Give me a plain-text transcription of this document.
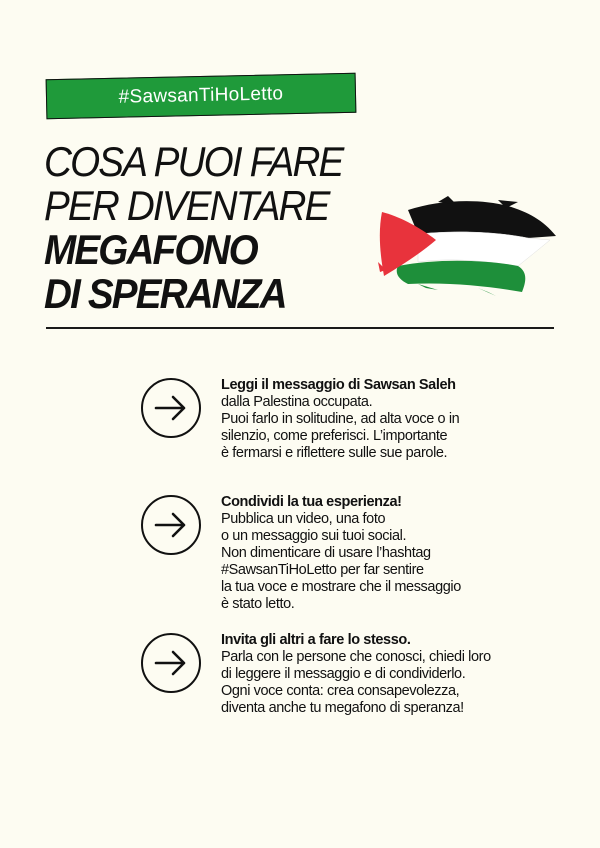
#SawsanTiHoLetto
COSA PUOI FARE
PER DIVENTARE
MEGAFONO
DI SPERANZA
Leggi il messaggio di Sawsan Saleh
dalla Palestina occupata.
Puoi farlo in solitudine, ad alta voce o in
silenzio, come preferisci. L’importante
è fermarsi e riflettere sulle sue parole.
Condividi la tua esperienza!
Pubblica un video, una foto
o un messaggio sui tuoi social.
Non dimenticare di usare l’hashtag
#SawsanTiHoLetto per far sentire
la tua voce e mostrare che il messaggio
è stato letto.
Invita gli altri a fare lo stesso.
Parla con le persone che conosci, chiedi loro
di leggere il messaggio e di condividerlo.
Ogni voce conta: crea consapevolezza,
diventa anche tu megafono di speranza!
